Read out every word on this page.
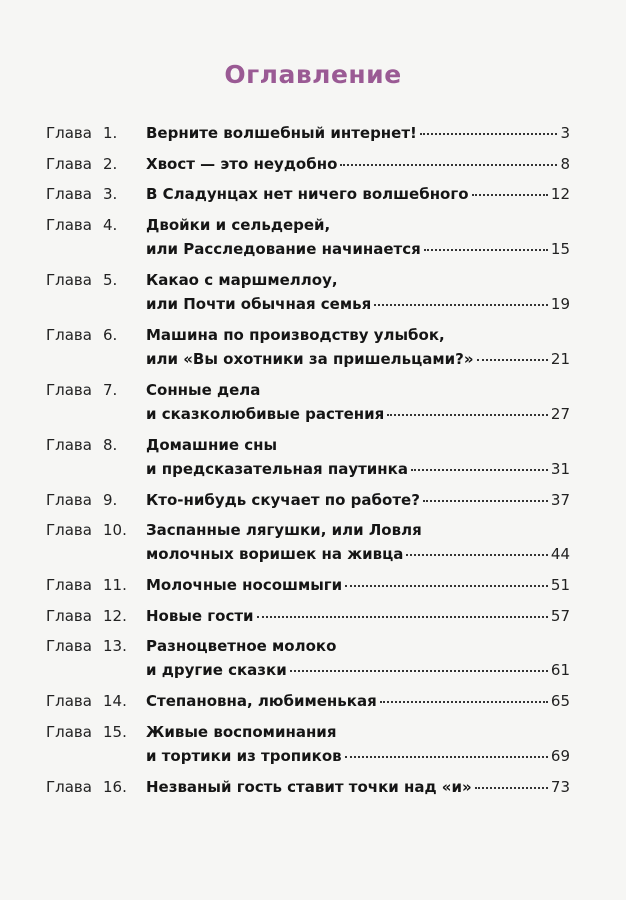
Оглавление
Глава 1. Верните волшебный интернет!	3
Глава 2. Хвост — это неудобно	8
Глава 3. В Сладунцах нет ничего волшебного	12
Глава 4. Двойки и сельдерей,
или Расследование начинается	15
Глава 5. Какао с маршмеллоу,
или Почти обычная семья	19
Глава 6. Машина по производству улыбок,
или «Вы охотники за пришельцами?»	21
Глава 7. Сонные дела
и сказколюбивые растения	27
Глава 8. Домашние сны
и предсказательная паутинка	31
Глава 9. Кто-нибудь скучает по работе?	37
Глава 10. Заспанные лягушки, или Ловля
молочных воришек на живца	44
Глава 11. Молочные носошмыги	51
Глава 12. Новые гости	57
Глава 13. Разноцветное молоко
и другие сказки	61
Глава 14. Степановна, любименькая	65
Глава 15. Живые воспоминания
и тортики из тропиков	69
Глава 16. Незваный гость ставит точки над «и»	73
